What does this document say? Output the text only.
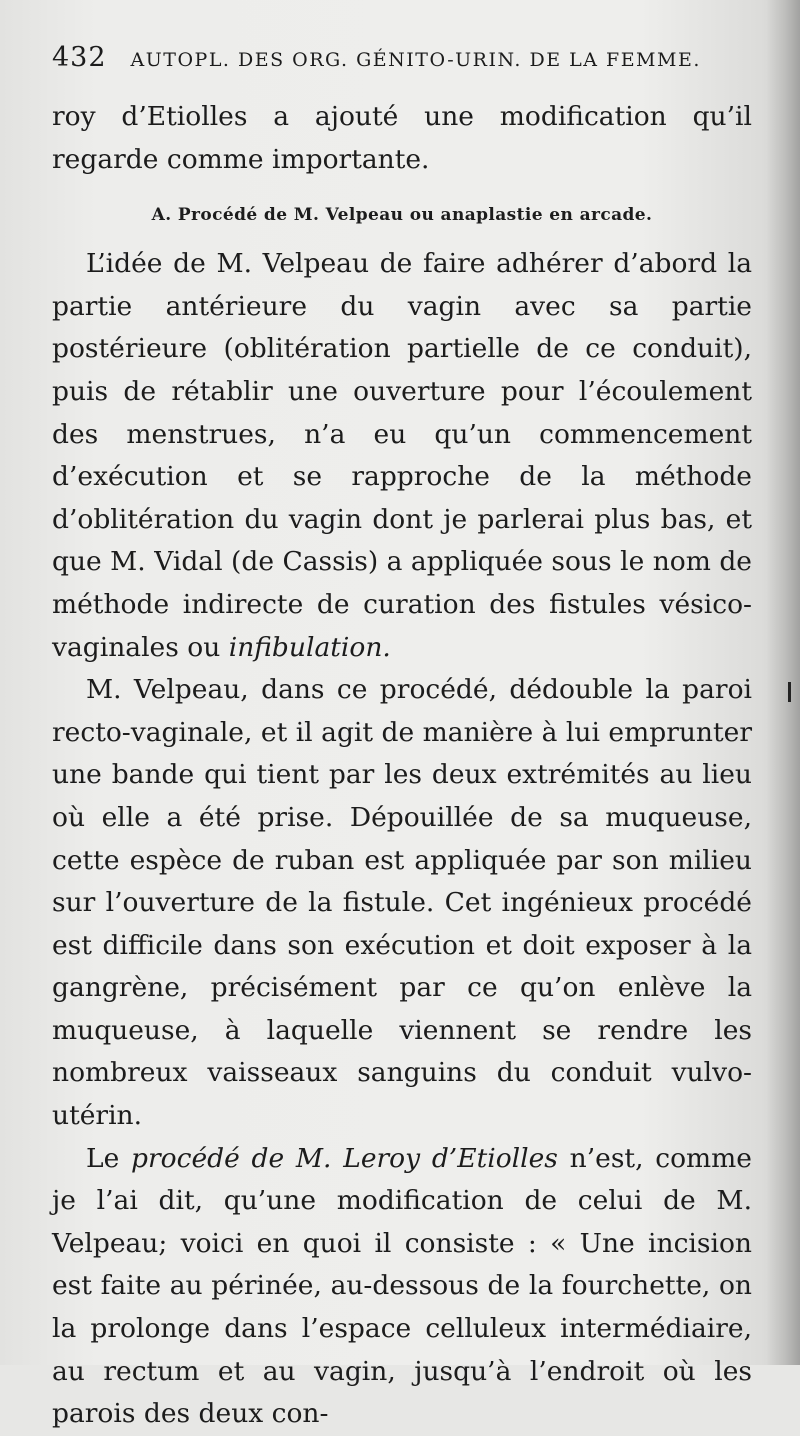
432 AUTOPL. DES ORG. GÉNITO-URIN. DE LA FEMME.

roy d’Etiolles a ajouté une modification qu’il regarde comme importante.

A. Procédé de M. Velpeau ou anaplastie en arcade.

L’idée de M. Velpeau de faire adhérer d’abord la partie antérieure du vagin avec sa partie postérieure (oblitération partielle de ce conduit), puis de rétablir une ouverture pour l’écoulement des menstrues, n’a eu qu’un commencement d’exécution et se rapproche de la méthode d’oblitération du vagin dont je parlerai plus bas, et que M. Vidal (de Cassis) a appliquée sous le nom de méthode indirecte de curation des fistules vésico-vaginales ou infibulation.

M. Velpeau, dans ce procédé, dédouble la paroi recto-vaginale, et il agit de manière à lui emprunter une bande qui tient par les deux extrémités au lieu où elle a été prise. Dépouillée de sa muqueuse, cette espèce de ruban est appliquée par son milieu sur l’ouverture de la fistule. Cet ingénieux procédé est difficile dans son exécution et doit exposer à la gangrène, précisément par ce qu’on enlève la muqueuse, à laquelle viennent se rendre les nombreux vaisseaux sanguins du conduit vulvo-utérin.

Le procédé de M. Leroy d’Etiolles n’est, comme je l’ai dit, qu’une modification de celui de M. Velpeau; voici en quoi il consiste : « Une incision est faite au périnée, au-dessous de la fourchette, on la prolonge dans l’espace celluleux intermédiaire, au rectum et au vagin, jusqu’à l’endroit où les parois des deux con-
